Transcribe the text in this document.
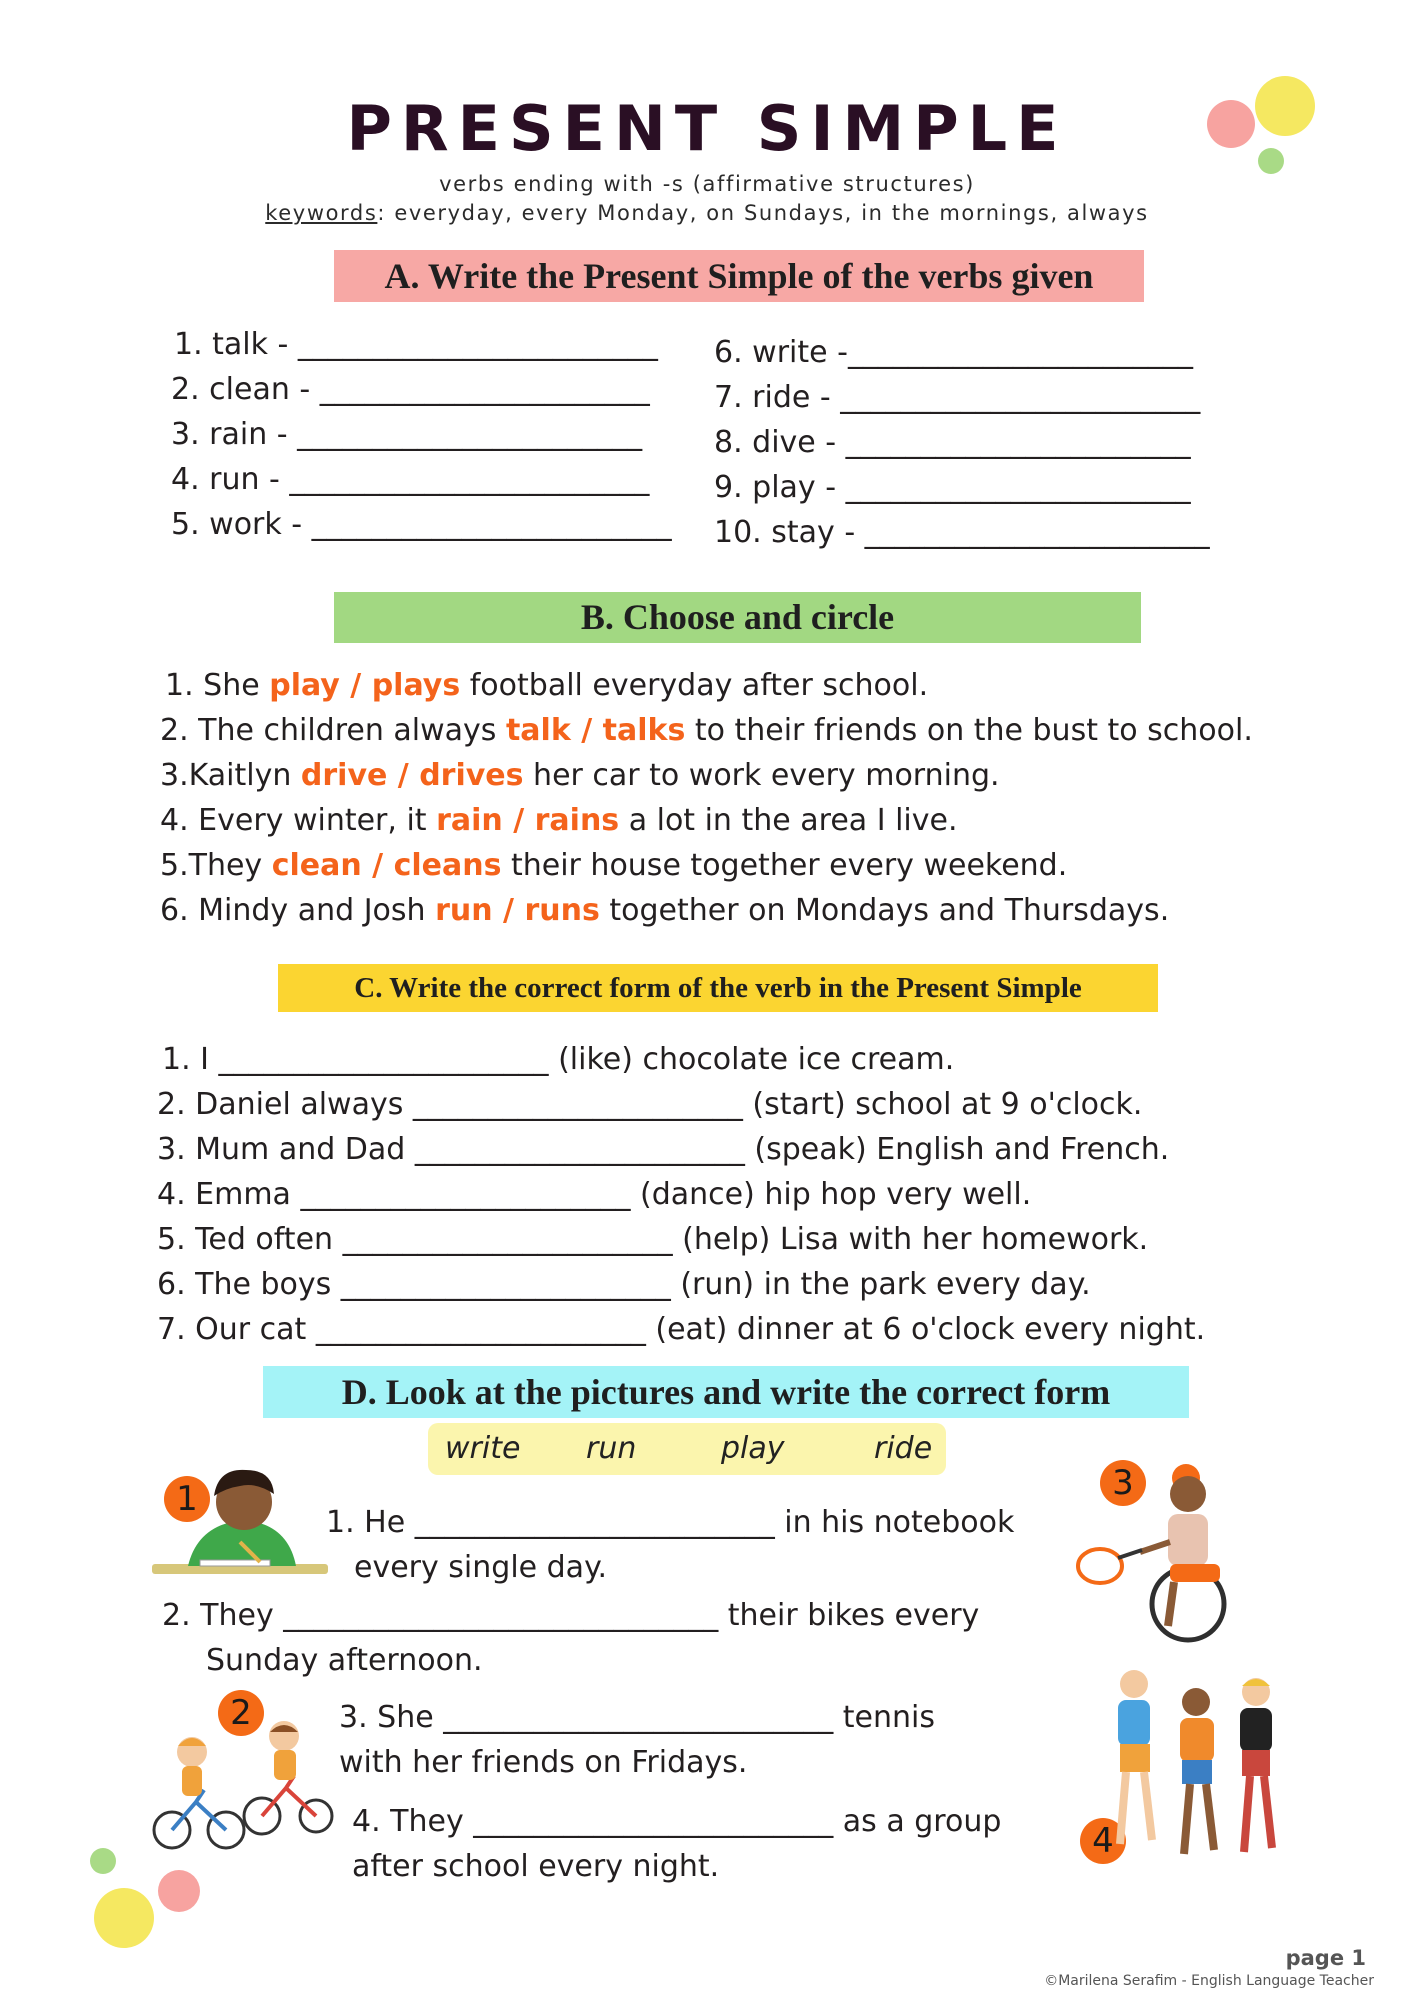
PRESENT SIMPLE
verbs ending with -s (affirmative structures)
keywords: everyday, every Monday, on Sundays, in the mornings, always
A. Write the Present Simple of the verbs given
1. talk - ________________________
2. clean - ______________________
3. rain - _______________________
4. run - ________________________
5. work - ________________________
6. write -_______________________
7. ride - ________________________
8. dive - _______________________
9. play - _______________________
10. stay - _______________________
B. Choose and circle
1. She play / plays football everyday after school.
2. The children always talk / talks to their friends on the bust to school.
3.Kaitlyn drive / drives her car to work every morning.
4. Every winter, it rain / rains a lot in the area I live.
5.They clean / cleans their house together every weekend.
6. Mindy and Josh run / runs together on Mondays and Thursdays.
C. Write the correct form of the verb in the Present Simple
1. I ______________________ (like) chocolate ice cream.
2. Daniel always ______________________ (start) school at 9 o'clock.
3. Mum and Dad ______________________ (speak) English and French.
4. Emma ______________________ (dance) hip hop very well.
5. Ted often ______________________ (help) Lisa with her homework.
6. The boys ______________________ (run) in the park every day.
7. Our cat ______________________ (eat) dinner at 6 o'clock every night.
D. Look at the pictures and write the correct form
write run	play	ride
1
2
3
4
1. He ________________________ in his notebook
every single day.
2. They _____________________________ their bikes every
Sunday afternoon.
3. She __________________________ tennis
with her friends on Fridays.
4. They ________________________ as a group
after school every night.
page 1
©Marilena Serafim - English Language Teacher
